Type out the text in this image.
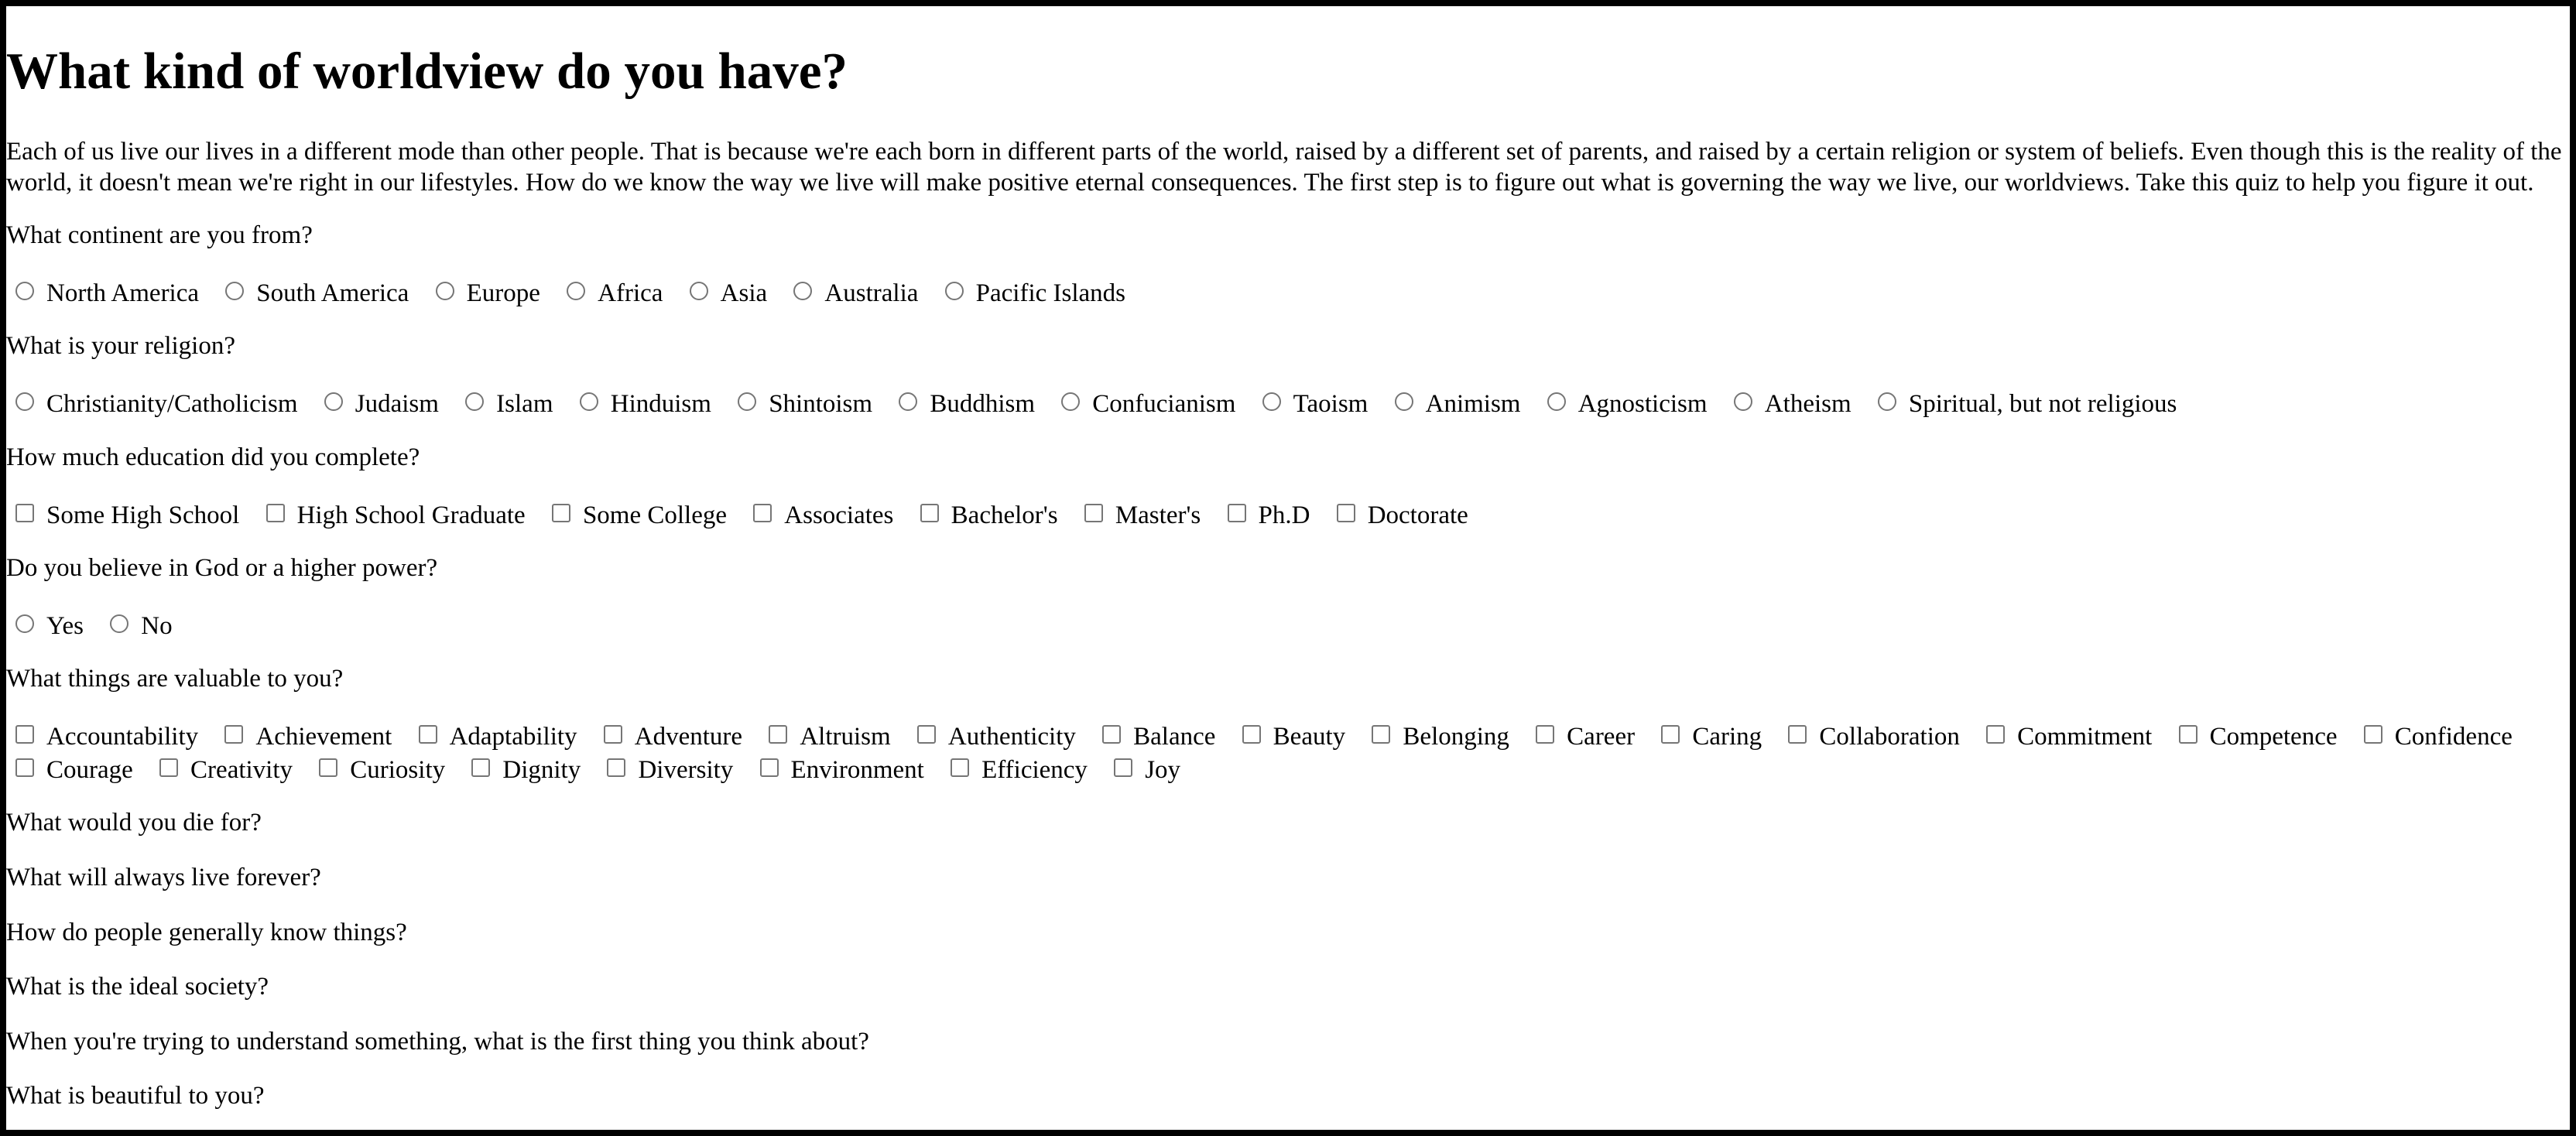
What kind of worldview do you have?

Each of us live our lives in a different mode than other people. That is because we're each born in different parts of the world, raised by a different set of parents, and raised by a certain religion or system of beliefs. Even though this is the reality of the world, it doesn't mean we're right in our lifestyles. How do we know the way we live will make positive eternal consequences. The first step is to figure out what is governing the way we live, our worldviews. Take this quiz to help you figure it out.

What continent are you from?

North America South America Europe Africa Asia Australia Pacific Islands

What is your religion?

Christianity/Catholicism Judaism Islam Hinduism Shintoism Buddhism Confucianism Taoism Animism Agnosticism Atheism Spiritual, but not religious

How much education did you complete?

Some High School High School Graduate Some College Associates Bachelor's Master's Ph.D Doctorate

Do you believe in God or a higher power?

Yes No

What things are valuable to you?

Accountability Achievement Adaptability Adventure Altruism Authenticity Balance Beauty Belonging Career Caring Collaboration Commitment Competence Confidence Courage Creativity Curiosity Dignity Diversity Environment Efficiency Joy

What would you die for?

What will always live forever?

How do people generally know things?

What is the ideal society?

When you're trying to understand something, what is the first thing you think about?

What is beautiful to you?
